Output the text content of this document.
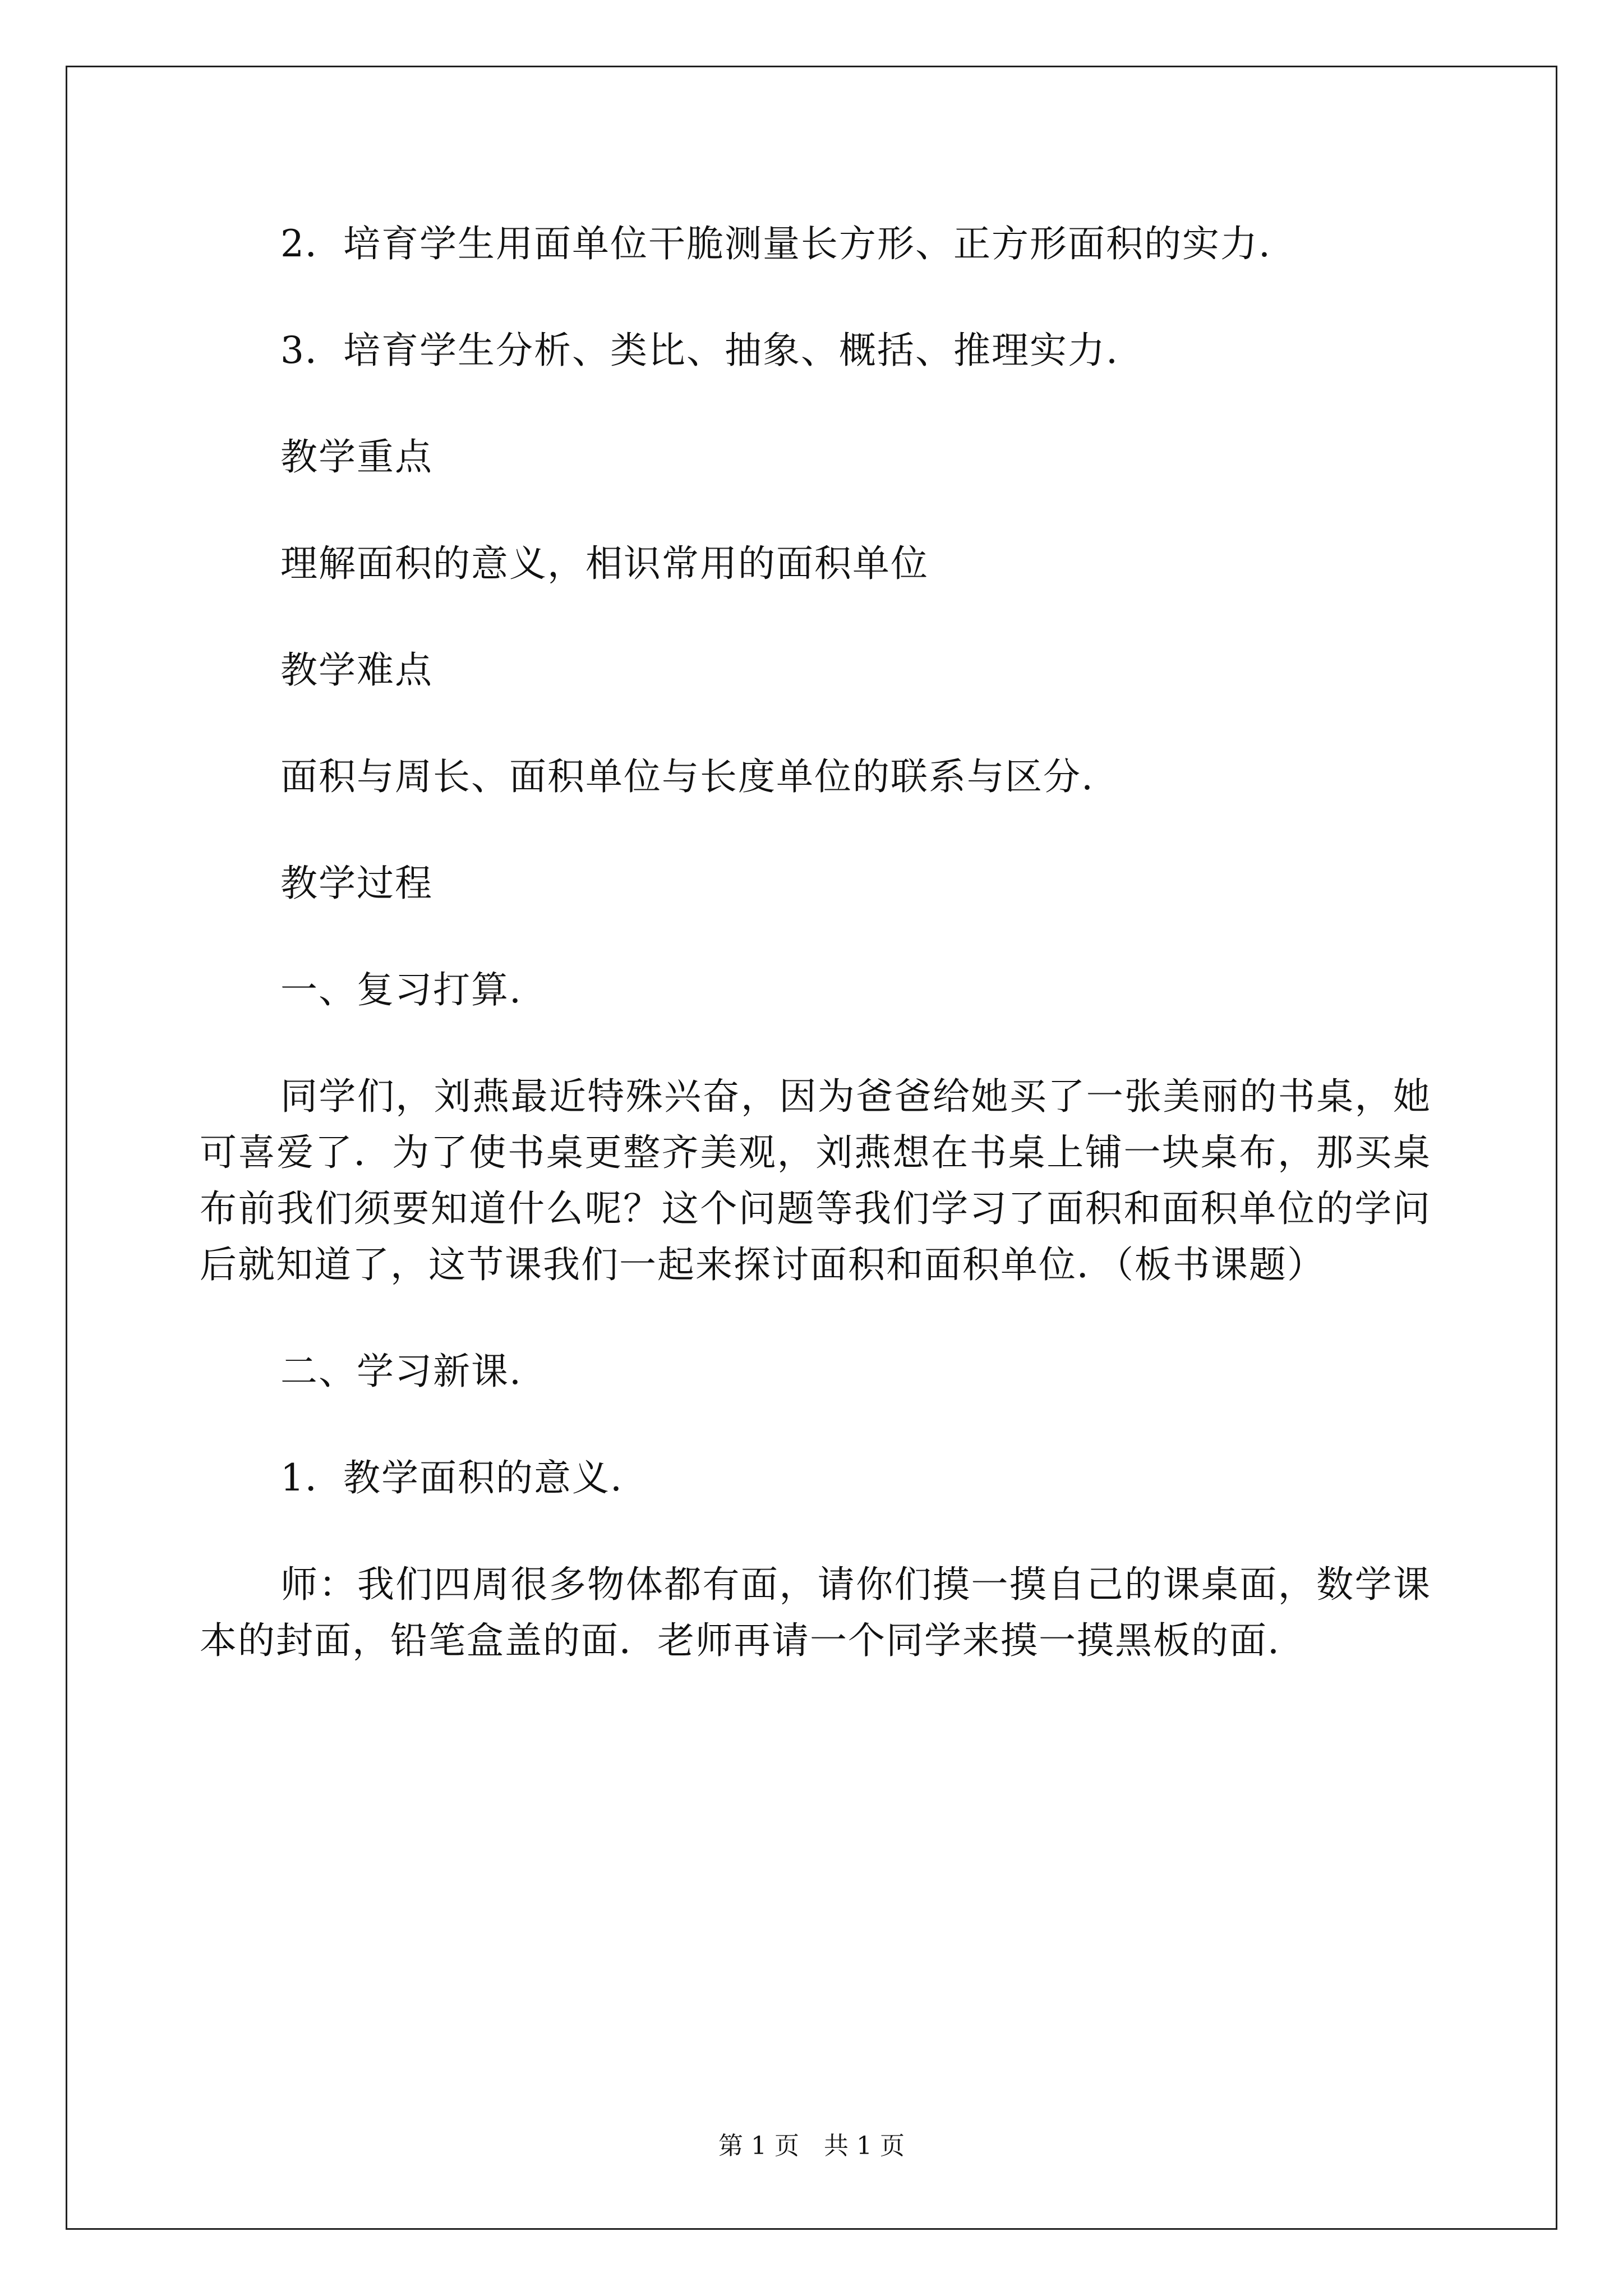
2．培育学生用面单位干脆测量长方形、正方形面积的实力.

3．培育学生分析、类比、抽象、概括、推理实力.

教学重点

理解面积的意义，相识常用的面积单位

教学难点

面积与周长、面积单位与长度单位的联系与区分.

教学过程

一、复习打算.

同学们，刘燕最近特殊兴奋，因为爸爸给她买了一张美丽的书桌，她可喜爱了．为了使书桌更整齐美观，刘燕想在书桌上铺一块桌布，那买桌布前我们须要知道什么呢？这个问题等我们学习了面积和面积单位的学问后就知道了，这节课我们一起来探讨面积和面积单位．（板书课题）

二、学习新课.

1．教学面积的意义.

师：我们四周很多物体都有面，请你们摸一摸自己的课桌面，数学课本的封面，铅笔盒盖的面．老师再请一个同学来摸一摸黑板的面.

第 1 页　共 1 页
